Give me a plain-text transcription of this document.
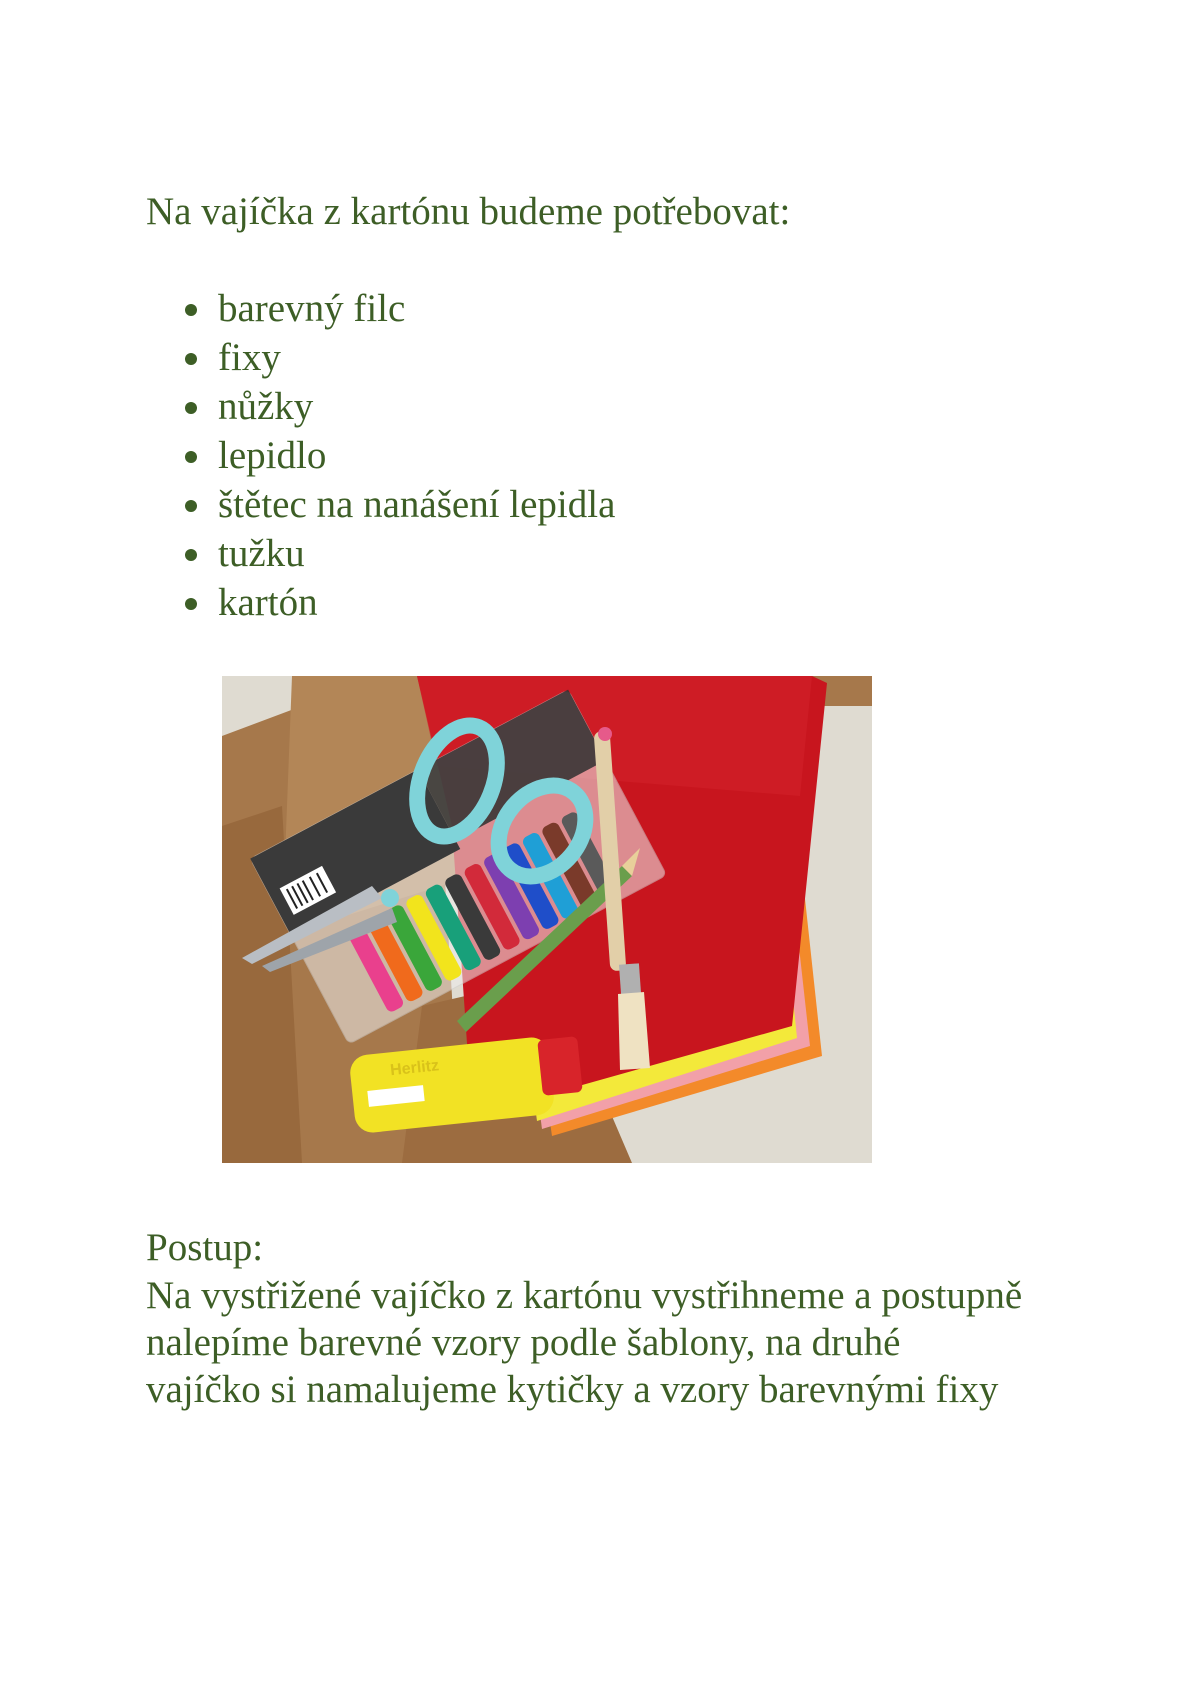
Na vajíčka z kartónu budeme potřebovat:

barevný filc
fixy
nůžky
lepidlo
štětec na nanášení lepidla
tužku
kartón
Herlitz

Postup:

Na vystřižené vajíčko z kartónu vystřihneme a postupně
nalepíme barevné vzory podle šablony, na druhé
vajíčko si namalujeme kytičky a vzory barevnými fixy
